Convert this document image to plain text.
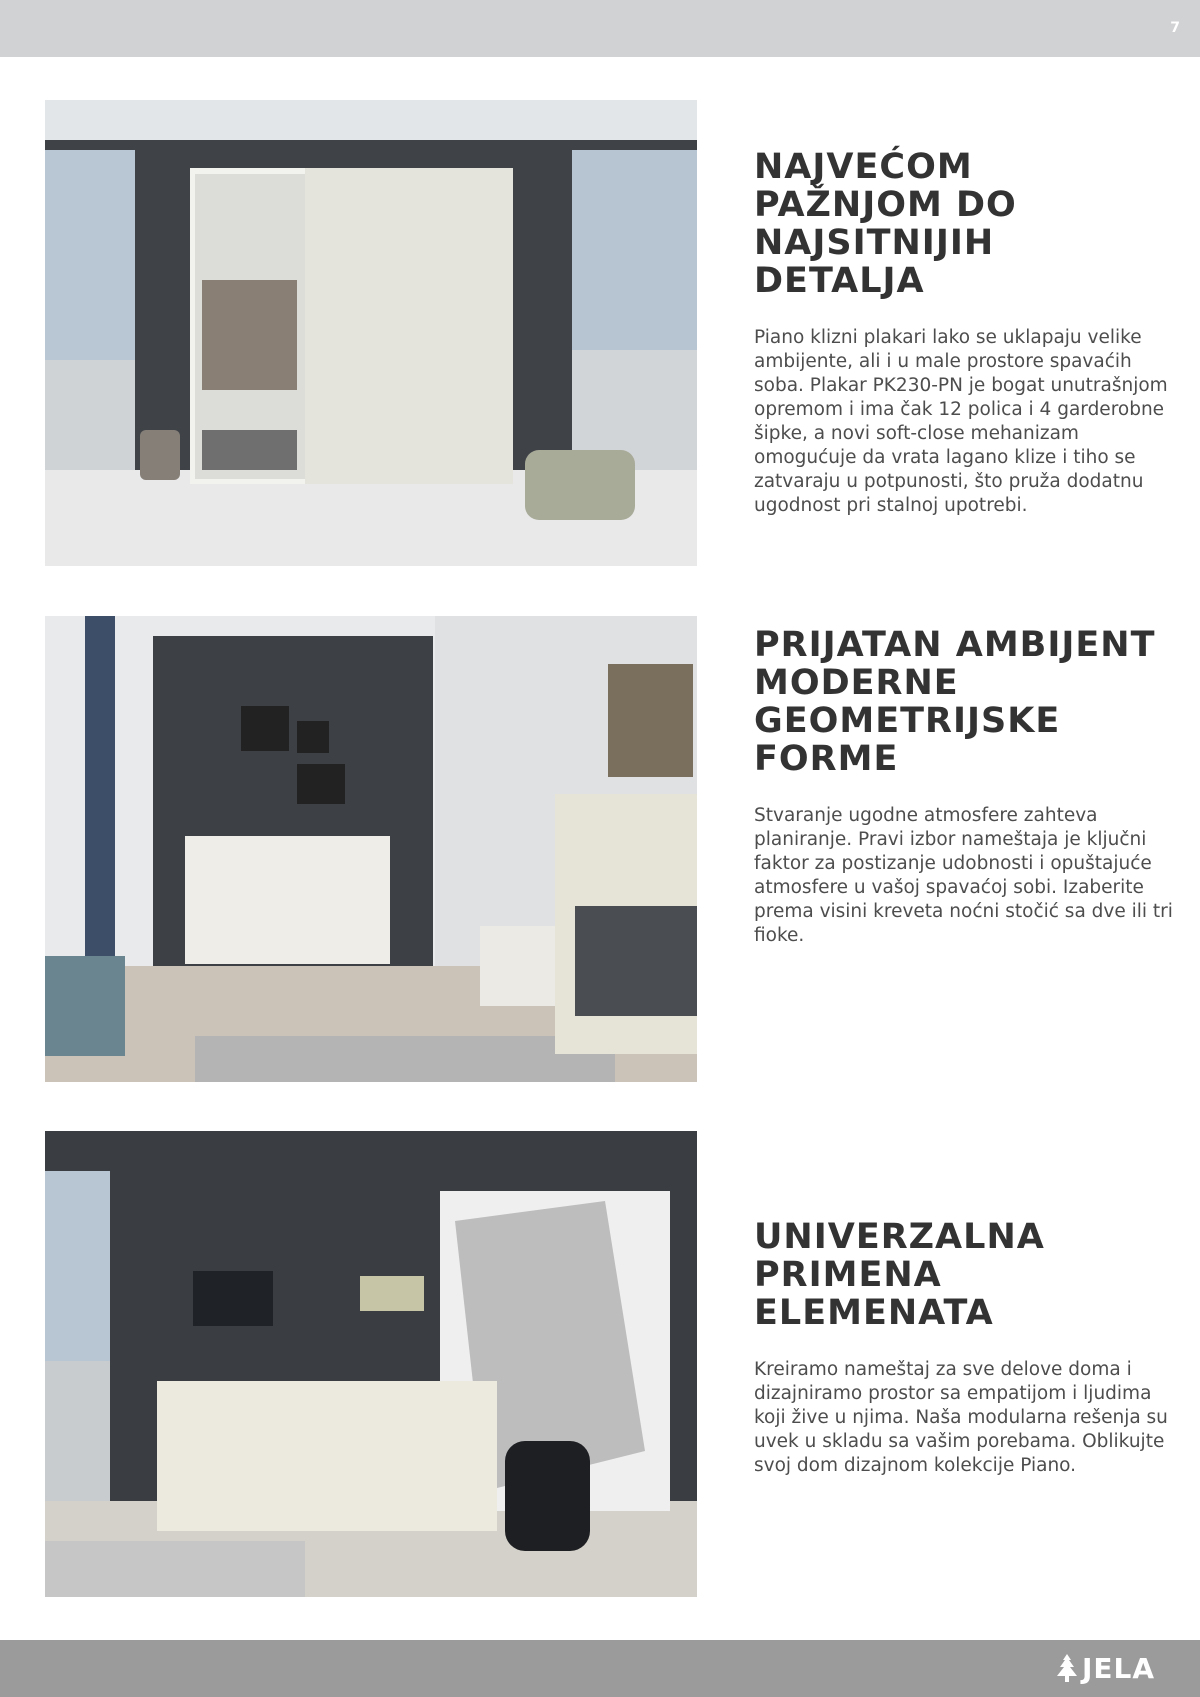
7
NAJVEĆOM PAŽNJOM DO NAJSITNIJIH DETALJA

Piano klizni plakari lako se uklapaju velike ambijente, ali i u male prostore spavaćih soba. Plakar PK230-PN je bogat unutrašnjom opremom i ima čak 12 polica i 4 garderobne šipke, a novi soft-close mehanizam omogućuje da vrata lagano klize i tiho se zatvaraju u potpunosti, što pruža dodatnu ugodnost pri stalnoj upotrebi.

PRIJATAN AMBIJENT MODERNE GEOMETRIJSKE FORME

Stvaranje ugodne atmosfere zahteva planiranje. Pravi izbor nameštaja je ključni faktor za postizanje udobnosti i opuštajuće atmosfere u vašoj spavaćoj sobi. Izaberite prema visini kreveta noćni stočić sa dve ili tri fioke.

UNIVERZALNA PRIMENA ELEMENATA

Kreiramo nameštaj za sve delove doma i dizajniramo prostor sa empatijom i ljudima koji žive u njima. Naša modularna rešenja su uvek u skladu sa vašim porebama. Oblikujte svoj dom dizajnom kolekcije Piano.

JELA
